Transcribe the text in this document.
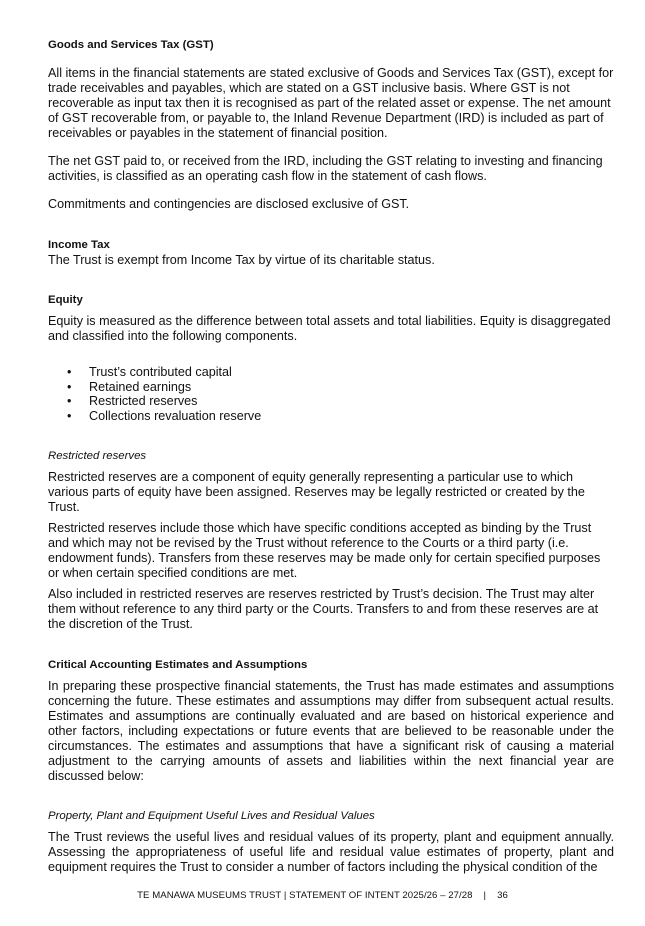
Goods and Services Tax (GST)

All items in the financial statements are stated exclusive of Goods and Services Tax (GST), except for trade receivables and payables, which are stated on a GST inclusive basis. Where GST is not recoverable as input tax then it is recognised as part of the related asset or expense. The net amount of GST recoverable from, or payable to, the Inland Revenue Department (IRD) is included as part of receivables or payables in the statement of financial position.

The net GST paid to, or received from the IRD, including the GST relating to investing and financing activities, is classified as an operating cash flow in the statement of cash flows.

Commitments and contingencies are disclosed exclusive of GST.

Income Tax

The Trust is exempt from Income Tax by virtue of its charitable status.

Equity

Equity is measured as the difference between total assets and total liabilities. Equity is disaggregated and classified into the following components.

• Trust’s contributed capital
• Retained earnings
• Restricted reserves
• Collections revaluation reserve

Restricted reserves

Restricted reserves are a component of equity generally representing a particular use to which various parts of equity have been assigned. Reserves may be legally restricted or created by the Trust.

Restricted reserves include those which have specific conditions accepted as binding by the Trust and which may not be revised by the Trust without reference to the Courts or a third party (i.e. endowment funds). Transfers from these reserves may be made only for certain specified purposes or when certain specified conditions are met.

Also included in restricted reserves are reserves restricted by Trust’s decision. The Trust may alter them without reference to any third party or the Courts. Transfers to and from these reserves are at the discretion of the Trust.

Critical Accounting Estimates and Assumptions

In preparing these prospective financial statements, the Trust has made estimates and assumptions concerning the future. These estimates and assumptions may differ from subsequent actual results. Estimates and assumptions are continually evaluated and are based on historical experience and other factors, including expectations or future events that are believed to be reasonable under the circumstances. The estimates and assumptions that have a significant risk of causing a material adjustment to the carrying amounts of assets and liabilities within the next financial year are discussed below:

Property, Plant and Equipment Useful Lives and Residual Values

The Trust reviews the useful lives and residual values of its property, plant and equipment annually. Assessing the appropriateness of useful life and residual value estimates of property, plant and equipment requires the Trust to consider a number of factors including the physical condition of the

TE MANAWA MUSEUMS TRUST | STATEMENT OF INTENT 2025/26 – 27/28 | 36
